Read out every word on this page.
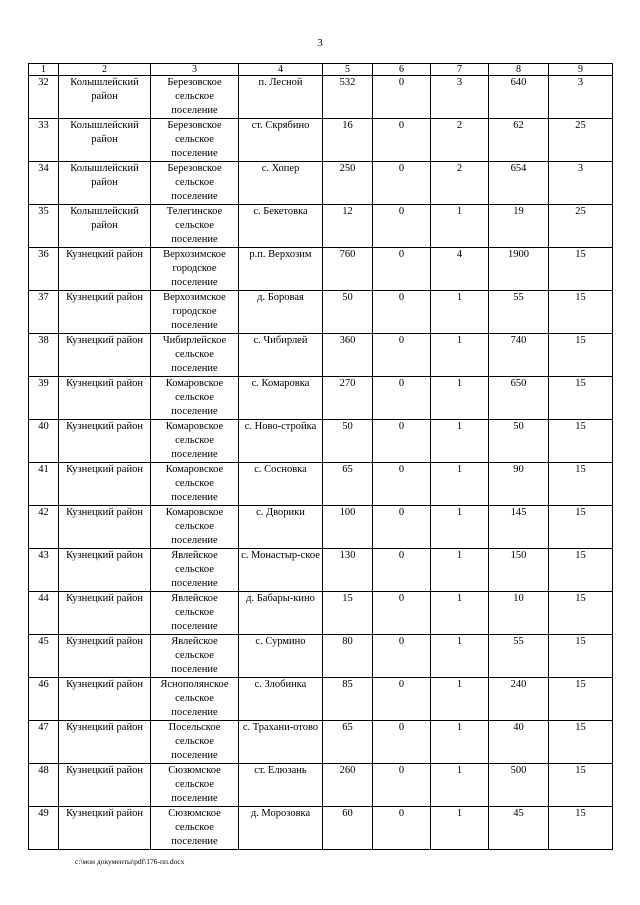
3
1	2	3	4	5	6	7	8	9
32	Колышлейский район	Березовское сельское поселение	п. Лесной	532	0	3	640	3
33	Колышлейский район	Березовское сельское поселение	ст. Скрябино	16	0	2	62	25
34	Колышлейский район	Березовское сельское поселение	с. Хопер	250	0	2	654	3
35	Колышлейский район	Телегинское сельское поселение	с. Бекетовка	12	0	1	19	25
36	Кузнецкий район	Верхозимское городское поселение	р.п. Верхозим	760	0	4	1900	15
37	Кузнецкий район	Верхозимское городское поселение	д. Боровая	50	0	1	55	15
38	Кузнецкий район	Чибирлейское сельское поселение	с. Чибирлей	360	0	1	740	15
39	Кузнецкий район	Комаровское сельское поселение	с. Комаровка	270	0	1	650	15
40	Кузнецкий район	Комаровское сельское поселение	с. Ново-стройка	50	0	1	50	15
41	Кузнецкий район	Комаровское сельское поселение	с. Сосновка	65	0	1	90	15
42	Кузнецкий район	Комаровское сельское поселение	с. Дворики	100	0	1	145	15
43	Кузнецкий район	Явлейское сельское поселение	с. Монастыр-ское	130	0	1	150	15
44	Кузнецкий район	Явлейское сельское поселение	д. Бабары-кино	15	0	1	10	15
45	Кузнецкий район	Явлейское сельское поселение	с. Сурмино	80	0	1	55	15
46	Кузнецкий район	Яснополянское сельское поселение	с. Злобинка	85	0	1	240	15
47	Кузнецкий район	Посельское сельское поселение	с. Трахани-отово	65	0	1	40	15
48	Кузнецкий район	Сюзюмское сельское поселение	ст. Елюзань	260	0	1	500	15
49	Кузнецкий район	Сюзюмское сельское поселение	д. Морозовка	60	0	1	45	15
c:\мои документы\pdf\176-пп.docx
